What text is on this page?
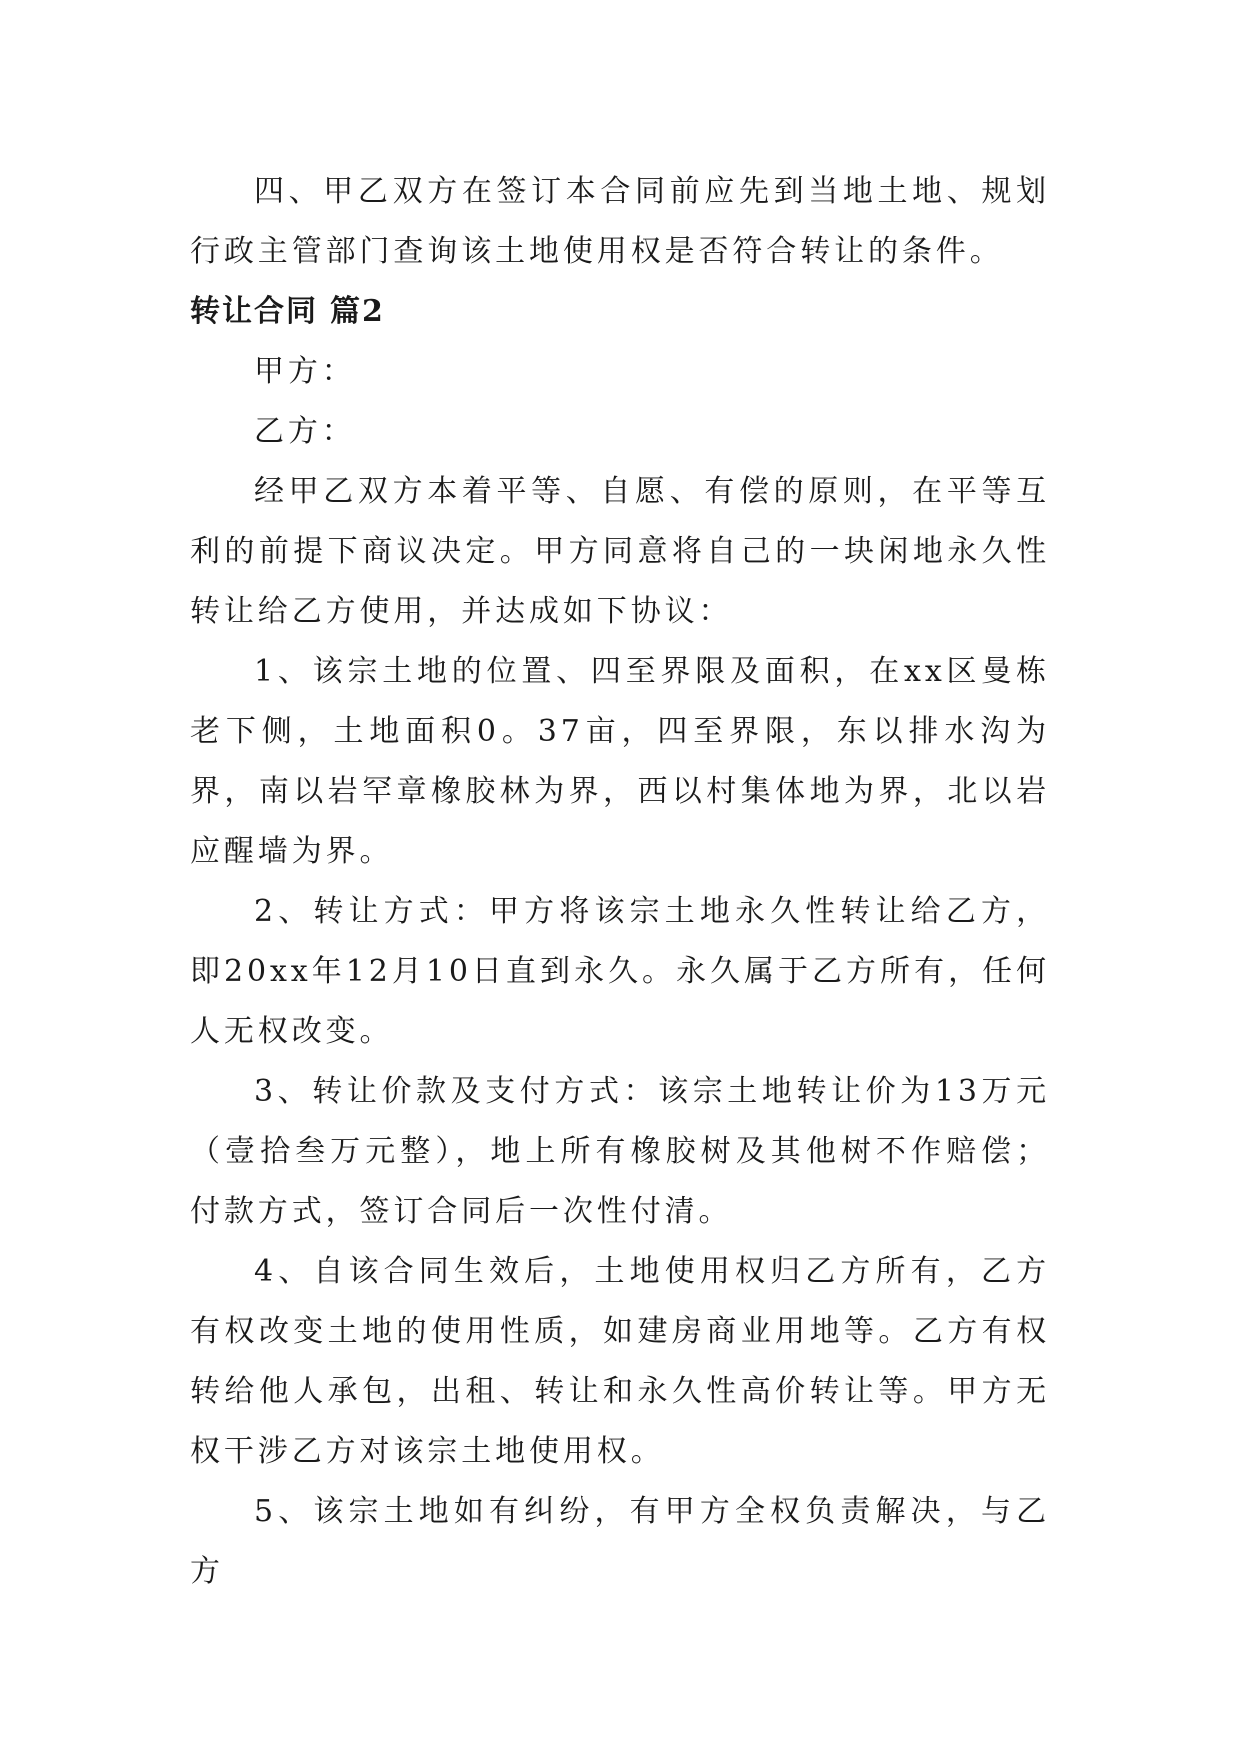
四、甲乙双方在签订本合同前应先到当地土地、规划行政主管部门查询该土地使用权是否符合转让的条件。

转让合同 篇2

甲方：

乙方：

经甲乙双方本着平等、自愿、有偿的原则，在平等互利的前提下商议决定。甲方同意将自己的一块闲地永久性转让给乙方使用，并达成如下协议：

1、该宗土地的位置、四至界限及面积，在xx区曼栋老下侧，土地面积0。37亩，四至界限，东以排水沟为界，南以岩罕章橡胶林为界，西以村集体地为界，北以岩应醒墙为界。

2、转让方式：甲方将该宗土地永久性转让给乙方，即20xx年12月10日直到永久。永久属于乙方所有，任何人无权改变。

3、转让价款及支付方式：该宗土地转让价为13万元（壹拾叁万元整），地上所有橡胶树及其他树不作赔偿；付款方式，签订合同后一次性付清。

4、自该合同生效后，土地使用权归乙方所有，乙方有权改变土地的使用性质，如建房商业用地等。乙方有权转给他人承包，出租、转让和永久性高价转让等。甲方无权干涉乙方对该宗土地使用权。

5、该宗土地如有纠纷，有甲方全权负责解决，与乙方
